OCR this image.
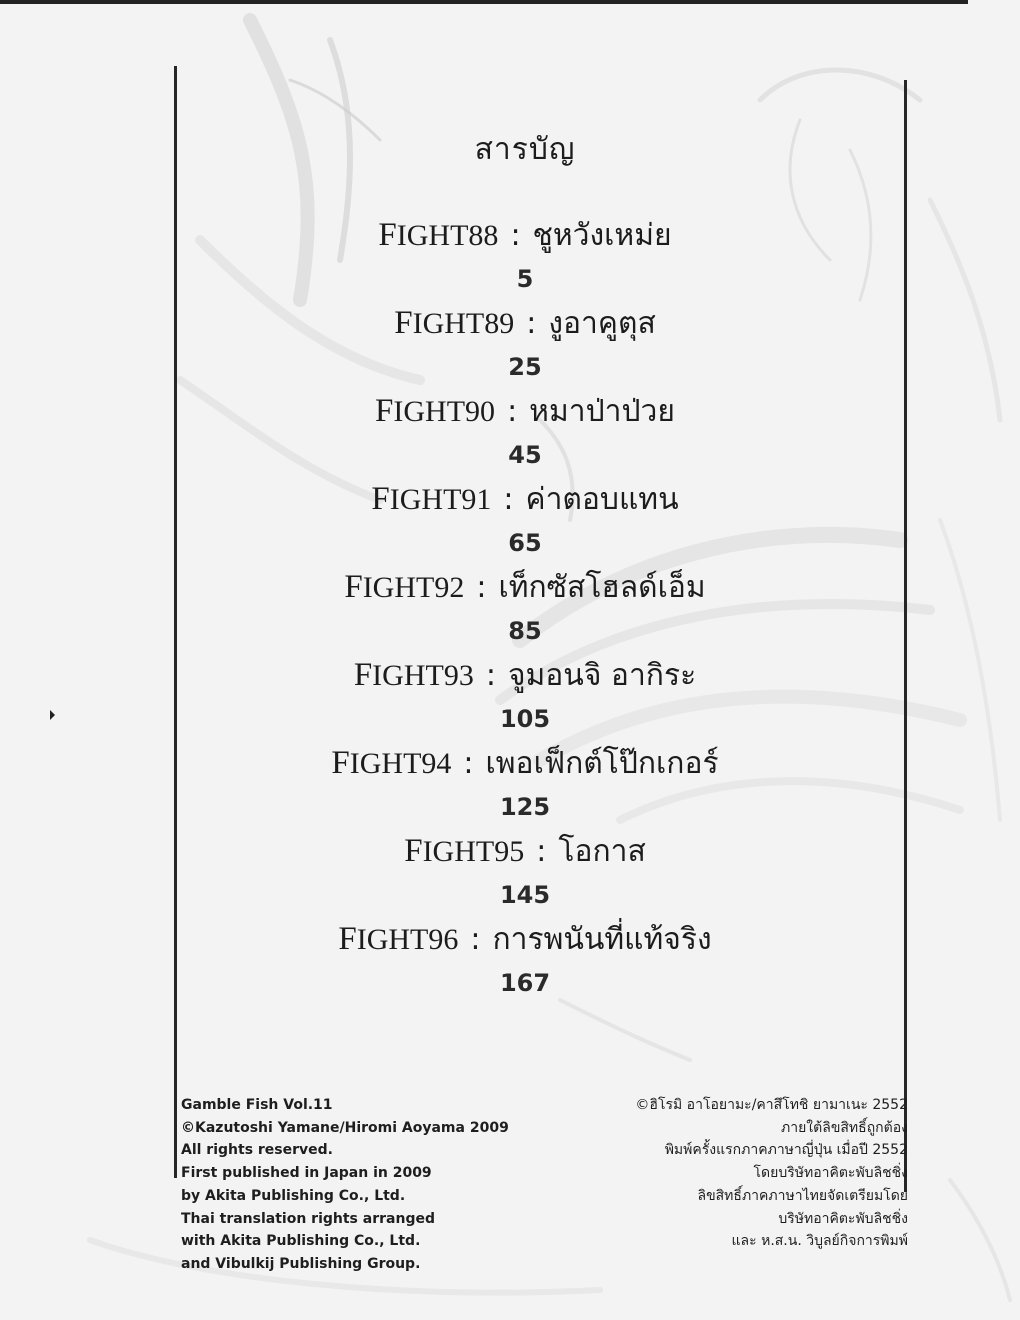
สารบัญ
FIGHT88 : ชูหวังเหม่ย
5
FIGHT89 : งูอาคูตุส
25
FIGHT90 : หมาป่าป่วย
45
FIGHT91 : ค่าตอบแทน
65
FIGHT92 : เท็กซัสโฮลด์เอ็ม
85
FIGHT93 : จูมอนจิ อากิระ
105
FIGHT94 : เพอเฟ็กต์โป๊กเกอร์
125
FIGHT95 : โอกาส
145
FIGHT96 : การพนันที่แท้จริง
167
Gamble Fish Vol.11
©Kazutoshi Yamane/Hiromi Aoyama 2009
All rights reserved.
First published in Japan in 2009
by Akita Publishing Co., Ltd.
Thai translation rights arranged
with Akita Publishing Co., Ltd.
and Vibulkij Publishing Group.
©ฮิโรมิ อาโอยามะ/คาสึโทชิ ยามาเนะ 2552
ภายใต้ลิขสิทธิ์ถูกต้อง
พิมพ์ครั้งแรกภาคภาษาญี่ปุ่น เมื่อปี 2552
โดยบริษัทอาคิตะพับลิชชิ่ง
ลิขสิทธิ์ภาคภาษาไทยจัดเตรียมโดย
บริษัทอาคิตะพับลิชชิ่ง
และ ห.ส.น. วิบูลย์กิจการพิมพ์
